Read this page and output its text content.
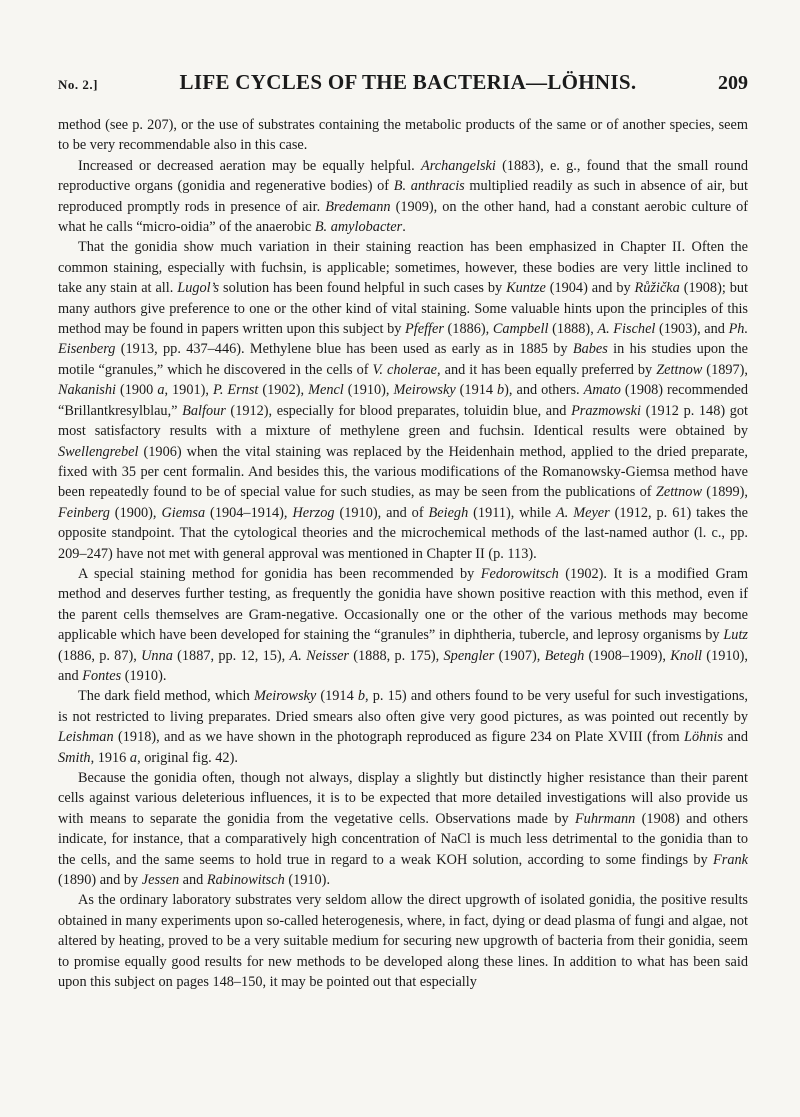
No. 2.]	LIFE CYCLES OF THE BACTERIA—LÖHNIS.	209

method (see p. 207), or the use of substrates containing the metabolic products of the same or of another species, seem to be very recommendable also in this case.

Increased or decreased aeration may be equally helpful. Archangelski (1883), e. g., found that the small round reproductive organs (gonidia and regenerative bodies) of B. anthracis multiplied readily as such in absence of air, but reproduced promptly rods in presence of air. Bredemann (1909), on the other hand, had a constant aerobic culture of what he calls “micro-oidia” of the anaerobic B. amylobacter.

That the gonidia show much variation in their staining reaction has been emphasized in Chapter II. Often the common staining, especially with fuchsin, is applicable; sometimes, however, these bodies are very little inclined to take any stain at all. Lugol’s solution has been found helpful in such cases by Kuntze (1904) and by Růžička (1908); but many authors give preference to one or the other kind of vital staining. Some valuable hints upon the principles of this method may be found in papers written upon this subject by Pfeffer (1886), Campbell (1888), A. Fischel (1903), and Ph. Eisenberg (1913, pp. 437–446). Methylene blue has been used as early as in 1885 by Babes in his studies upon the motile “granules,” which he discovered in the cells of V. cholerae, and it has been equally preferred by Zettnow (1897), Nakanishi (1900 a, 1901), P. Ernst (1902), Mencl (1910), Meirowsky (1914 b), and others. Amato (1908) recommended “Brillantkresylblau,” Balfour (1912), especially for blood preparates, toluidin blue, and Prazmowski (1912 p. 148) got most satisfactory results with a mixture of methylene green and fuchsin. Identical results were obtained by Swellengrebel (1906) when the vital staining was replaced by the Heidenhain method, applied to the dried preparate, fixed with 35 per cent formalin. And besides this, the various modifications of the Romanowsky-Giemsa method have been repeatedly found to be of special value for such studies, as may be seen from the publications of Zettnow (1899), Feinberg (1900), Giemsa (1904–1914), Herzog (1910), and of Beiegh (1911), while A. Meyer (1912, p. 61) takes the opposite standpoint. That the cytological theories and the microchemical methods of the last-named author (l. c., pp. 209–247) have not met with general approval was mentioned in Chapter II (p. 113).

A special staining method for gonidia has been recommended by Fedorowitsch (1902). It is a modified Gram method and deserves further testing, as frequently the gonidia have shown positive reaction with this method, even if the parent cells themselves are Gram-negative. Occasionally one or the other of the various methods may become applicable which have been developed for staining the “granules” in diphtheria, tubercle, and leprosy organisms by Lutz (1886, p. 87), Unna (1887, pp. 12, 15), A. Neisser (1888, p. 175), Spengler (1907), Betegh (1908–1909), Knoll (1910), and Fontes (1910).

The dark field method, which Meirowsky (1914 b, p. 15) and others found to be very useful for such investigations, is not restricted to living preparates. Dried smears also often give very good pictures, as was pointed out recently by Leishman (1918), and as we have shown in the photograph reproduced as figure 234 on Plate XVIII (from Löhnis and Smith, 1916 a, original fig. 42).

Because the gonidia often, though not always, display a slightly but distinctly higher resistance than their parent cells against various deleterious influences, it is to be expected that more detailed investigations will also provide us with means to separate the gonidia from the vegetative cells. Observations made by Fuhrmann (1908) and others indicate, for instance, that a comparatively high concentration of NaCl is much less detrimental to the gonidia than to the cells, and the same seems to hold true in regard to a weak KOH solution, according to some findings by Frank (1890) and by Jessen and Rabinowitsch (1910).

As the ordinary laboratory substrates very seldom allow the direct upgrowth of isolated gonidia, the positive results obtained in many experiments upon so-called heterogenesis, where, in fact, dying or dead plasma of fungi and algae, not altered by heating, proved to be a very suitable medium for securing new upgrowth of bacteria from their gonidia, seem to promise equally good results for new methods to be developed along these lines. In addition to what has been said upon this subject on pages 148–150, it may be pointed out that especially
